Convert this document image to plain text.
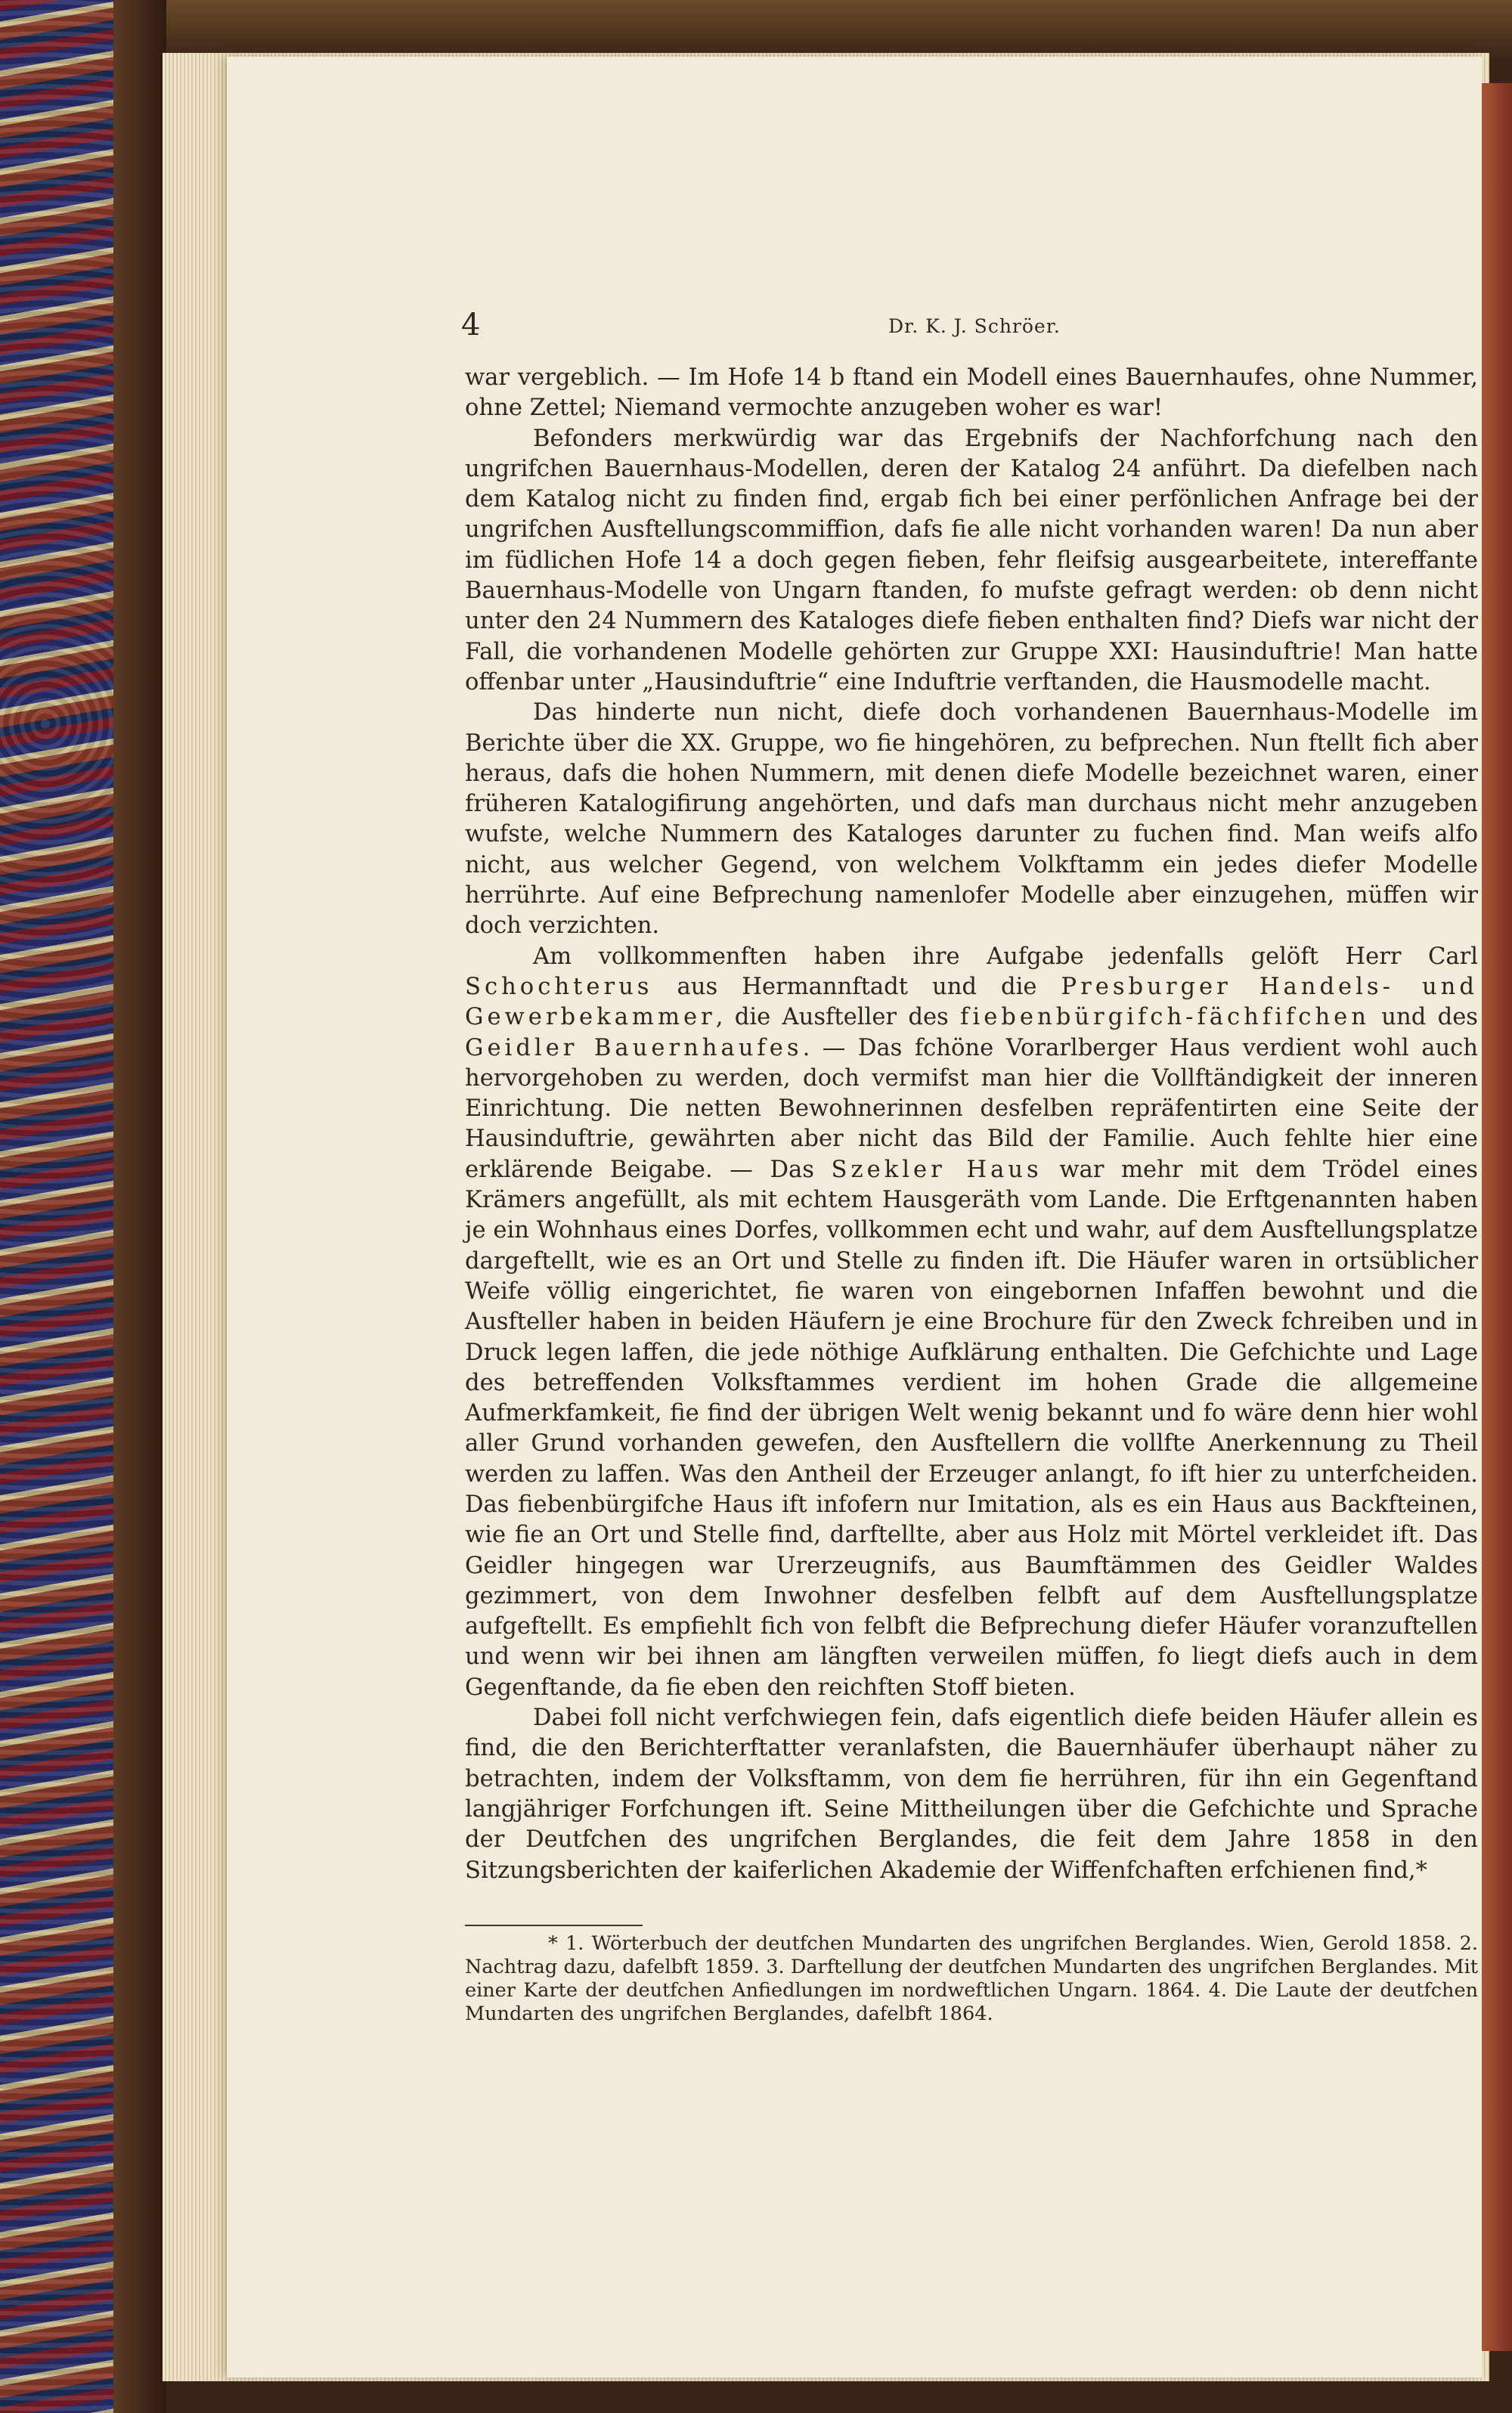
4	Dr. K. J. Schröer.

war vergeblich. — Im Hofe 14 b ftand ein Modell eines Bauernhaufes, ohne Nummer, ohne Zettel; Niemand vermochte anzugeben woher es war!

Befonders merkwürdig war das Ergebnifs der Nachforfchung nach den ungrifchen Bauernhaus-Modellen, deren der Katalog 24 anführt. Da diefelben nach dem Katalog nicht zu finden find, ergab fich bei einer perfönlichen Anfrage bei der ungrifchen Ausftellungscommiffion, dafs fie alle nicht vorhanden waren! Da nun aber im füdlichen Hofe 14 a doch gegen fieben, fehr fleifsig ausgearbeitete, intereffante Bauernhaus-Modelle von Ungarn ftanden, fo mufste gefragt werden: ob denn nicht unter den 24 Nummern des Kataloges diefe fieben enthalten find? Diefs war nicht der Fall, die vorhandenen Modelle gehörten zur Gruppe XXI: Hausinduftrie! Man hatte offenbar unter „Hausinduftrie“ eine Induftrie verftanden, die Hausmodelle macht.

Das hinderte nun nicht, diefe doch vorhandenen Bauernhaus-Modelle im Berichte über die XX. Gruppe, wo fie hingehören, zu befprechen. Nun ftellt fich aber heraus, dafs die hohen Nummern, mit denen diefe Modelle bezeichnet waren, einer früheren Katalogifirung angehörten, und dafs man durchaus nicht mehr anzugeben wufste, welche Nummern des Kataloges darunter zu fuchen find. Man weifs alfo nicht, aus welcher Gegend, von welchem Volkftamm ein jedes diefer Modelle herrührte. Auf eine Befprechung namenlofer Modelle aber einzugehen, müffen wir doch verzichten.

Am vollkommenften haben ihre Aufgabe jedenfalls gelöft Herr Carl Schochterus aus Hermannftadt und die Presburger Handels- und Gewerbekammer, die Ausfteller des fiebenbürgifch-fächfifchen und des Geidler Bauernhaufes. — Das fchöne Vorarlberger Haus verdient wohl auch hervorgehoben zu werden, doch vermifst man hier die Vollftändigkeit der inneren Einrichtung. Die netten Bewohnerinnen desfelben repräfentirten eine Seite der Hausinduftrie, gewährten aber nicht das Bild der Familie. Auch fehlte hier eine erklärende Beigabe. — Das Szekler Haus war mehr mit dem Trödel eines Krämers angefüllt, als mit echtem Hausgeräth vom Lande. Die Erftgenannten haben je ein Wohnhaus eines Dorfes, vollkommen echt und wahr, auf dem Ausftellungsplatze dargeftellt, wie es an Ort und Stelle zu finden ift. Die Häufer waren in ortsüblicher Weife völlig eingerichtet, fie waren von eingebornen Infaffen bewohnt und die Ausfteller haben in beiden Häufern je eine Brochure für den Zweck fchreiben und in Druck legen laffen, die jede nöthige Aufklärung enthalten. Die Gefchichte und Lage des betreffenden Volksftammes verdient im hohen Grade die allgemeine Aufmerkfamkeit, fie find der übrigen Welt wenig bekannt und fo wäre denn hier wohl aller Grund vorhanden gewefen, den Ausftellern die vollfte Anerkennung zu Theil werden zu laffen. Was den Antheil der Erzeuger anlangt, fo ift hier zu unterfcheiden. Das fiebenbürgifche Haus ift infofern nur Imitation, als es ein Haus aus Backfteinen, wie fie an Ort und Stelle find, darftellte, aber aus Holz mit Mörtel verkleidet ift. Das Geidler hingegen war Urerzeugnifs, aus Baumftämmen des Geidler Waldes gezimmert, von dem Inwohner desfelben felbft auf dem Ausftellungsplatze aufgeftellt. Es empfiehlt fich von felbft die Befprechung diefer Häufer voranzuftellen und wenn wir bei ihnen am längften verweilen müffen, fo liegt diefs auch in dem Gegenftande, da fie eben den reichften Stoff bieten.

Dabei foll nicht verfchwiegen fein, dafs eigentlich diefe beiden Häufer allein es find, die den Berichterftatter veranlafsten, die Bauernhäufer überhaupt näher zu betrachten, indem der Volksftamm, von dem fie herrühren, für ihn ein Gegenftand langjähriger Forfchungen ift. Seine Mittheilungen über die Gefchichte und Sprache der Deutfchen des ungrifchen Berglandes, die feit dem Jahre 1858 in den Sitzungsberichten der kaiferlichen Akademie der Wiffenfchaften erfchienen find,*

* 1. Wörterbuch der deutfchen Mundarten des ungrifchen Berglandes. Wien, Gerold 1858. 2. Nachtrag dazu, dafelbft 1859. 3. Darftellung der deutfchen Mundarten des ungrifchen Berglandes. Mit einer Karte der deutfchen Anfiedlungen im nordweftlichen Ungarn. 1864. 4. Die Laute der deutfchen Mundarten des ungrifchen Berglandes, dafelbft 1864.
